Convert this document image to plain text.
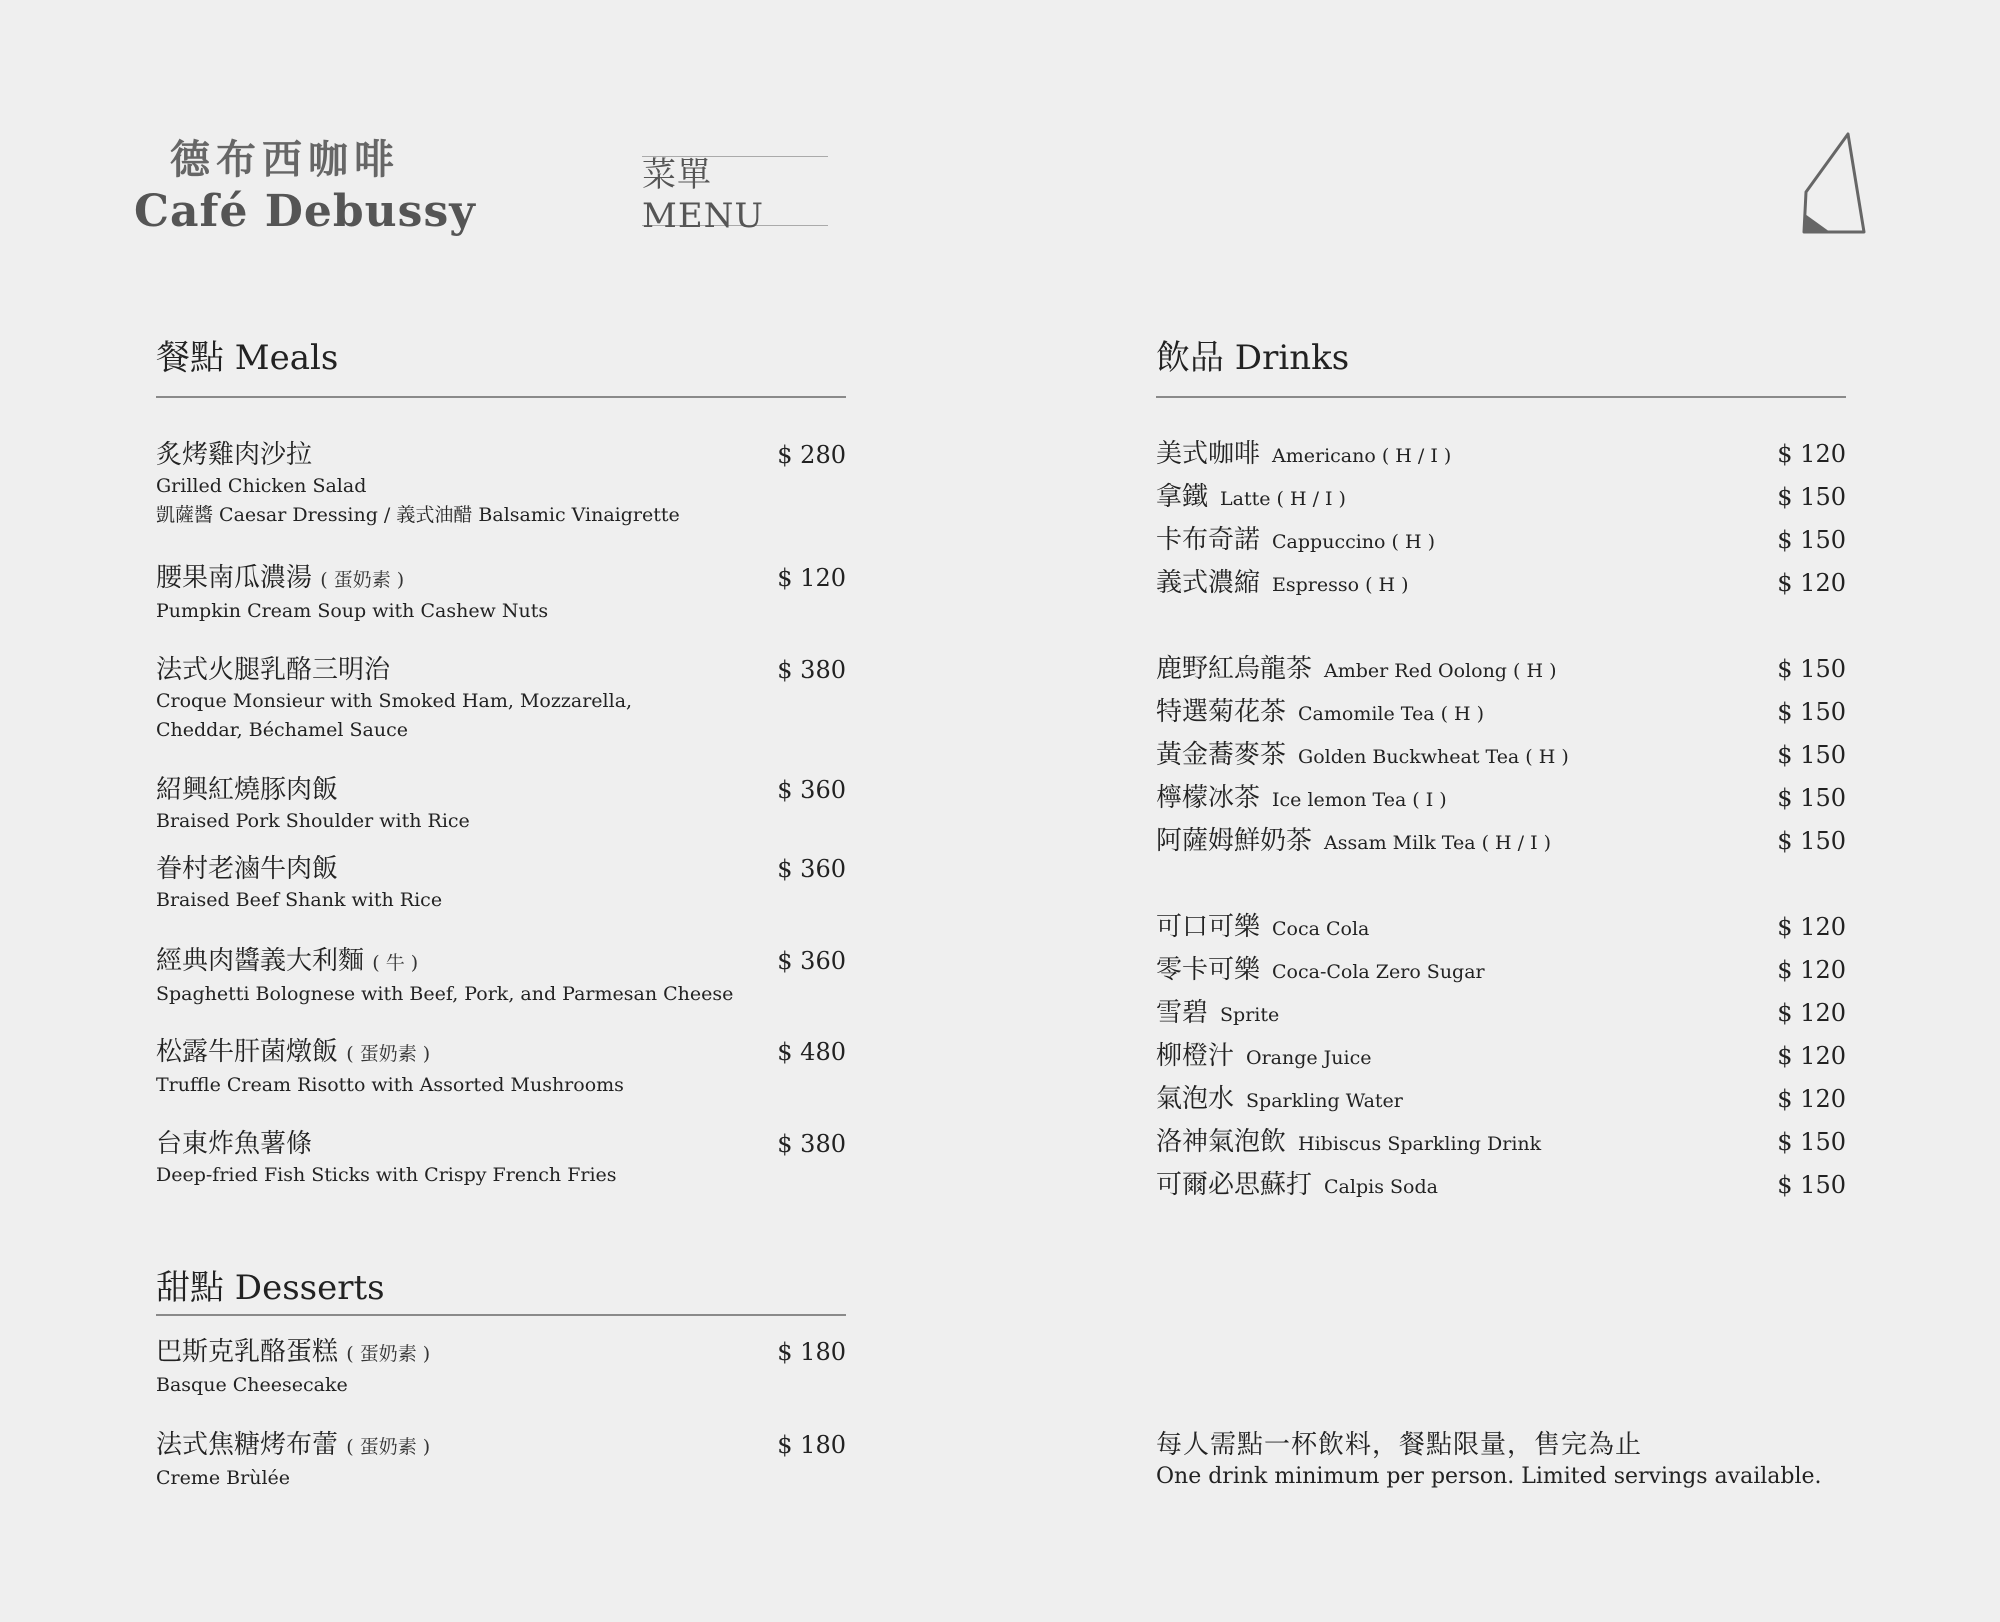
德布西咖啡
Café Debussy
菜單 MENU
餐點 Meals
炙烤雞肉沙拉	$ 280
Grilled Chicken Salad
凱薩醬 Caesar Dressing / 義式油醋 Balsamic Vinaigrette
腰果南瓜濃湯 ( 蛋奶素 )	$ 120
Pumpkin Cream Soup with Cashew Nuts
法式火腿乳酪三明治	$ 380
Croque Monsieur with Smoked Ham, Mozzarella,
Cheddar, Béchamel Sauce
紹興紅燒豚肉飯	$ 360
Braised Pork Shoulder with Rice
眷村老滷牛肉飯	$ 360
Braised Beef Shank with Rice
經典肉醬義大利麵 ( 牛 )	$ 360
Spaghetti Bolognese with Beef, Pork, and Parmesan Cheese
松露牛肝菌燉飯 ( 蛋奶素 )	$ 480
Truffle Cream Risotto with Assorted Mushrooms
台東炸魚薯條	$ 380
Deep-fried Fish Sticks with Crispy French Fries
甜點 Desserts
巴斯克乳酪蛋糕 ( 蛋奶素 )	$ 180
Basque Cheesecake
法式焦糖烤布蕾 ( 蛋奶素 )	$ 180
Creme Brùlée
飲品 Drinks
美式咖啡 Americano ( H / I )	$ 120
拿鐵 Latte ( H / I )	$ 150
卡布奇諾 Cappuccino ( H )	$ 150
義式濃縮 Espresso ( H )	$ 120
鹿野紅烏龍茶 Amber Red Oolong ( H )	$ 150
特選菊花茶 Camomile Tea ( H )	$ 150
黃金蕎麥茶 Golden Buckwheat Tea ( H )	$ 150
檸檬冰茶 Ice lemon Tea ( I )	$ 150
阿薩姆鮮奶茶 Assam Milk Tea ( H / I )	$ 150
可口可樂 Coca Cola	$ 120
零卡可樂 Coca-Cola Zero Sugar	$ 120
雪碧 Sprite	$ 120
柳橙汁 Orange Juice	$ 120
氣泡水 Sparkling Water	$ 120
洛神氣泡飲 Hibiscus Sparkling Drink	$ 150
可爾必思蘇打 Calpis Soda	$ 150
每人需點一杯飲料，餐點限量，售完為止
One drink minimum per person. Limited servings available.
